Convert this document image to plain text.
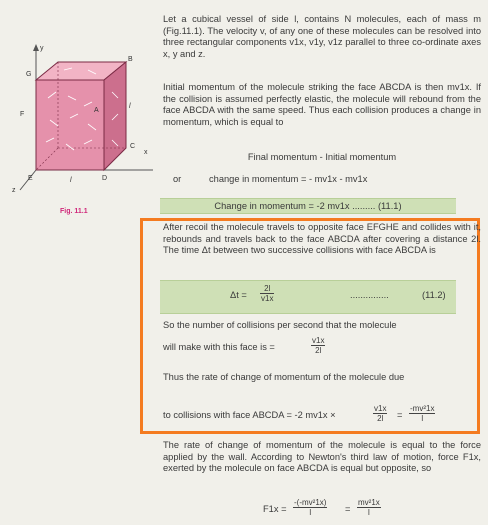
y
G
B
F
A
C
x
E	D
l
l
z
Fig. 11.1

Let a cubical vessel of side l, contains N molecules, each of mass m (Fig.11.1). The velocity v, of any one of these molecules can be resolved into three rectangular components v1x, v1y, v1z parallel to three co-ordinate axes x, y and z.

Initial momentum of the molecule striking the face ABCDA is then mv1x. If the collision is assumed perfectly elastic, the molecule will rebound from the face ABCDA with the same speed. Thus each collision produces a change in momentum, which is equal to

Final momentum - Initial momentum
or	change in momentum = - mv1x - mv1x
Change in momentum = -2 mv1x ......... (11.1)

After recoil the molecule travels to opposite face EFGHE and collides with it, rebounds and travels back to the face ABCDA after covering a distance 2l. The time Δt between two successive collisions with face ABCDA is

$\Delta t = \frac{2l}{v1x}$	...............	(11.2)
So the number of collisions per second that the molecule
will make with this face is =	$\frac{v1x}{2l}$
Thus the rate of change of momentum of the molecule due
to collisions with face ABCDA = -2 mv1x ×	$\frac{v1x}{2l} = \frac{\text{-mv²1x}}{l}$

The rate of change of momentum of the molecule is equal to the force applied by the wall. According to Newton's third law of motion, force F1x, exerted by the molecule on face ABCDA is equal but opposite, so

$F1x = \frac{\text{-(-mv²1x)}}{l} = \frac{\text{mv²1x}}{l}$
